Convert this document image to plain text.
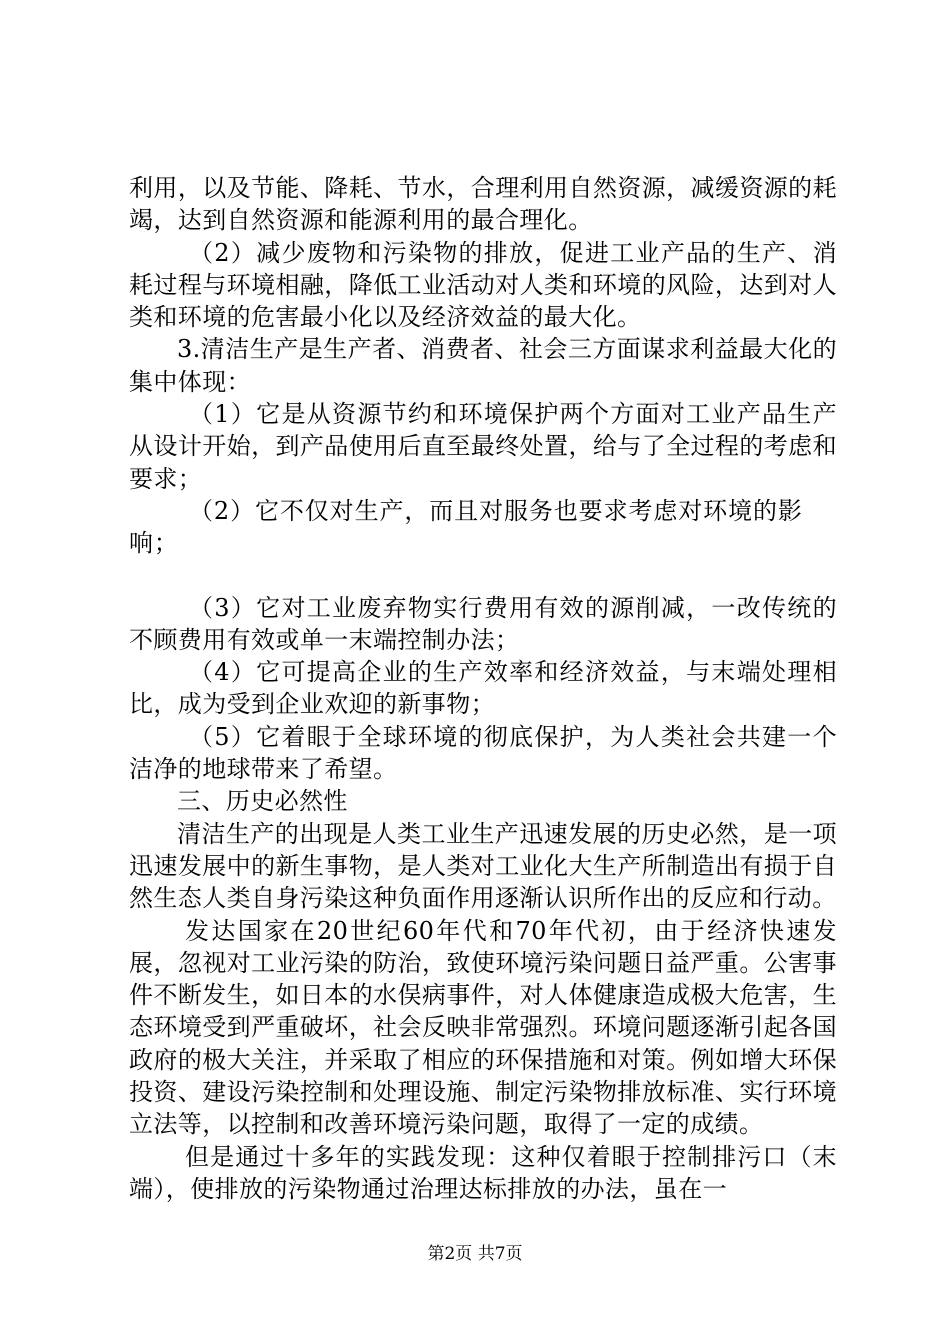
利用，以及节能、降耗、节水，合理利用自然资源，减缓资源的耗竭，达到自然资源和能源利用的最合理化。

（2）减少废物和污染物的排放，促进工业产品的生产、消耗过程与环境相融，降低工业活动对人类和环境的风险，达到对人类和环境的危害最小化以及经济效益的最大化。

3.清洁生产是生产者、消费者、社会三方面谋求利益最大化的集中体现：

（1）它是从资源节约和环境保护两个方面对工业产品生产从设计开始，到产品使用后直至最终处置，给与了全过程的考虑和要求；

（2）它不仅对生产，而且对服务也要求考虑对环境的影响；

（3）它对工业废弃物实行费用有效的源削减，一改传统的不顾费用有效或单一末端控制办法；

（4）它可提高企业的生产效率和经济效益，与末端处理相比，成为受到企业欢迎的新事物；

（5）它着眼于全球环境的彻底保护，为人类社会共建一个洁净的地球带来了希望。

三、历史必然性

清洁生产的出现是人类工业生产迅速发展的历史必然，是一项迅速发展中的新生事物，是人类对工业化大生产所制造出有损于自然生态人类自身污染这种负面作用逐渐认识所作出的反应和行动。

发达国家在20世纪60年代和70年代初，由于经济快速发展，忽视对工业污染的防治，致使环境污染问题日益严重。公害事件不断发生，如日本的水俣病事件，对人体健康造成极大危害，生态环境受到严重破坏，社会反映非常强烈。环境问题逐渐引起各国政府的极大关注，并采取了相应的环保措施和对策。例如增大环保投资、建设污染控制和处理设施、制定污染物排放标准、实行环境立法等，以控制和改善环境污染问题，取得了一定的成绩。

但是通过十多年的实践发现：这种仅着眼于控制排污口（末端），使排放的污染物通过治理达标排放的办法，虽在一

第2页 共7页
